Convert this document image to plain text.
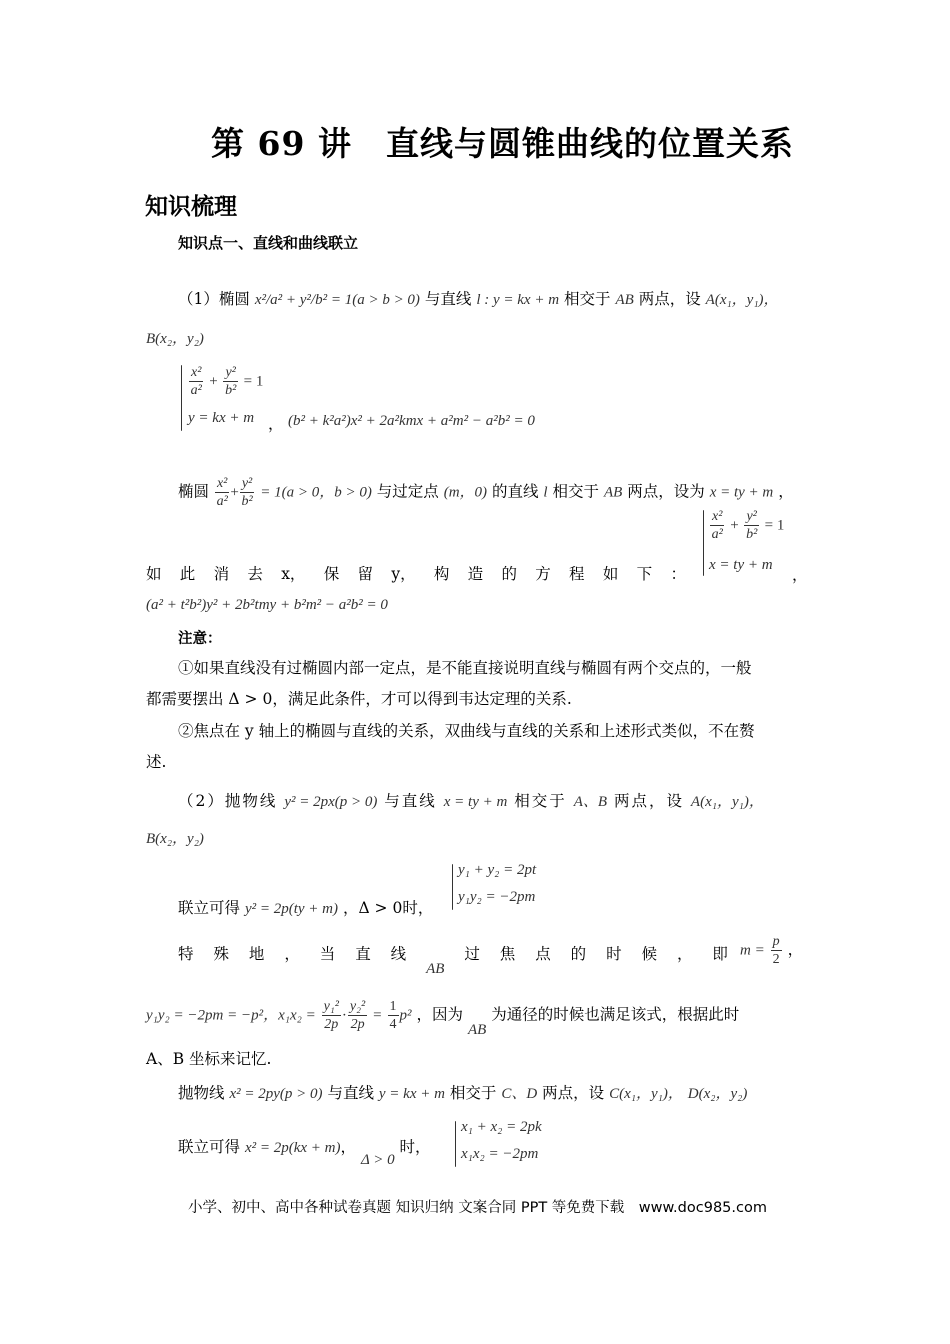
第 69 讲　直线与圆锥曲线的位置关系
知识梳理
知识点一、直线和曲线联立
（1）椭圆 x²/a² + y²/b² = 1(a > b > 0) 与直线 l : y = kx + m 相交于 AB 两点，设 A(x₁，y₁)，
B(x₂，y₂)
$\frac{\text{x²}}{\text{a²}} + \frac{\text{y²}}{\text{b²}} = 1$
y = kx + m ， (b² + k²a²)x² + 2a²kmx + a²m² − a²b² = 0
椭圆 $\frac{\text{x²}}{\text{a²}} + \frac{\text{y²}}{\text{b²}} = 1(a > 0$，b > 0) 与过定点 (m，0) 的直线 l 相交于 AB 两点，设为 x = ty + m ，
如 此 消 去 x， 保 留 y， 构 造 的 方 程 如 下 ：
$\frac{\text{x²}}{\text{a²}} + \frac{\text{y²}}{\text{b²}} = 1$
x = ty + m
，
(a² + t²b²)y² + 2b²tmy + b²m² − a²b² = 0
注意：
①如果直线没有过椭圆内部一定点，是不能直接说明直线与椭圆有两个交点的，一般
都需要摆出 Δ > 0，满足此条件，才可以得到韦达定理的关系.
②焦点在 y 轴上的椭圆与直线的关系，双曲线与直线的关系和上述形式类似，不在赘
述.
（2）抛物线 y² = 2px(p > 0) 与直线 x = ty + m 相交于 A、B 两点，设 A(x₁，y₁)，
B(x₂，y₂)
联立可得 y² = 2p(ty + m) ，Δ > 0时，
y₁ + y₂ = 2pt
y₁y₂ = −2pm
特 殊 地 ， 当 直 线
AB
过 焦 点 的 时 候 ， 即 $m = \frac{p}{2}$ ，
y₁y₂ = −2pm = −p²，$x_1x_2 = \frac{\text{y₁²}}{2p} \cdot \frac{\text{y₂²}}{2p} = \frac{1}{4} p^2$ ，因为 AB 为通径的时候也满足该式，根据此时
A、B 坐标来记忆.
抛物线 x² = 2py(p > 0) 与直线 y = kx + m 相交于 C、D 两点，设 C(x₁，y₁)， D(x₂，y₂)
联立可得 x² = 2p(kx + m)， Δ > 0 时，
x₁ + x₂ = 2pk
x₁x₂ = −2pm
小学、初中、高中各种试卷真题 知识归纳 文案合同 PPT 等免费下载　www.doc985.com
